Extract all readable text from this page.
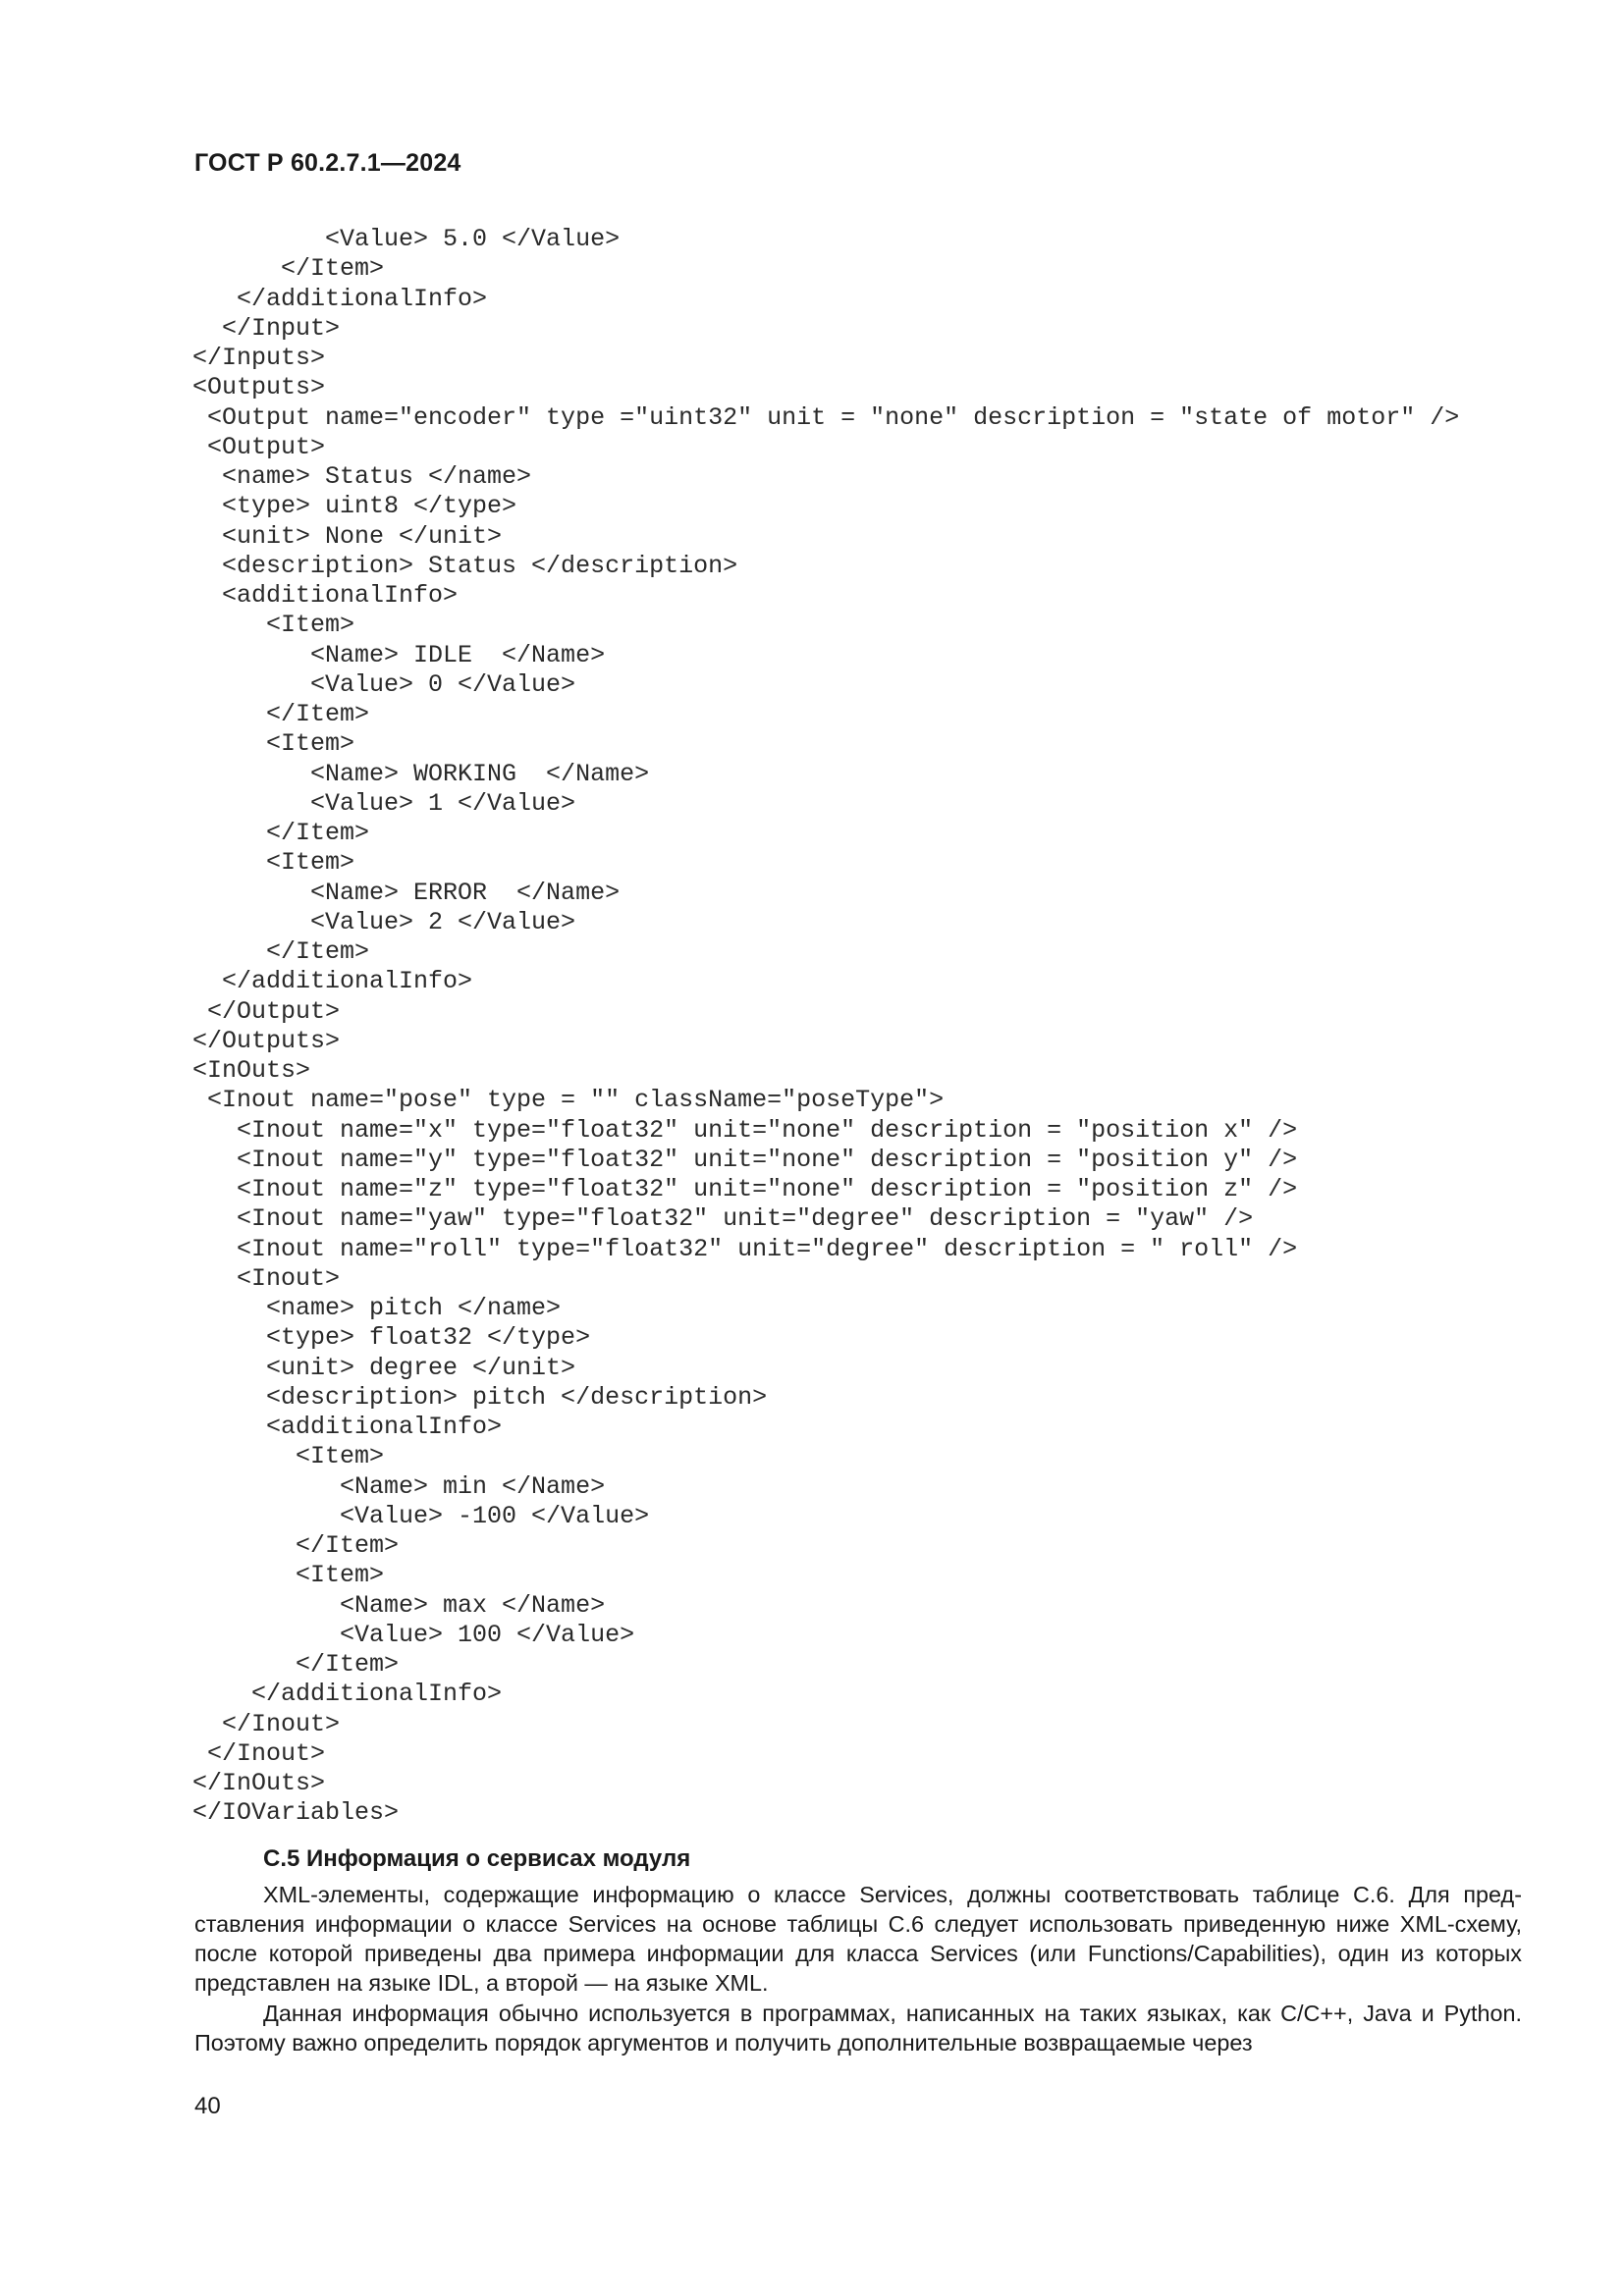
ГОСТ Р 60.2.7.1—2024
<Value> 5.0 </Value>
</Item>
</additionalInfo>
</Input>
</Inputs>
<Outputs>
<Output name="encoder" type ="uint32" unit = "none" description = "state of motor" />
<Output>
<name> Status </name>
<type> uint8 </type>
<unit> None </unit>
<description> Status </description>
<additionalInfo>
<Item>
<Name> IDLE  </Name>
<Value> 0 </Value>
</Item>
<Item>
<Name> WORKING  </Name>
<Value> 1 </Value>
</Item>
<Item>
<Name> ERROR  </Name>
<Value> 2 </Value>
</Item>
</additionalInfo>
</Output>
</Outputs>
<InOuts>
<Inout name="pose" type = "" className="poseType">
<Inout name="x" type="float32" unit="none" description = "position x" />
<Inout name="y" type="float32" unit="none" description = "position y" />
<Inout name="z" type="float32" unit="none" description = "position z" />
<Inout name="yaw" type="float32" unit="degree" description = "yaw" />
<Inout name="roll" type="float32" unit="degree" description = " roll" />
<Inout>
<name> pitch </name>
<type> float32 </type>
<unit> degree </unit>
<description> pitch </description>
<additionalInfo>
<Item>
<Name> min </Name>
<Value> -100 </Value>
</Item>
<Item>
<Name> max </Name>
<Value> 100 </Value>
</Item>
</additionalInfo>
</Inout>
</Inout>
</InOuts>
</IOVariables>
C.5 Информация о сервисах модуля

XML-элементы, содержащие информацию о классе Services, должны соответствовать таблице С.6. Для представления информации о классе Services на основе таблицы С.6 следует использовать приведенную ниже XML-схему, после которой приведены два примера информации для класса Services (или Functions/Capabilities), один из которых представлен на языке IDL, а второй — на языке XML.

Данная информация обычно используется в программах, написанных на таких языках, как С/С++, Java и Python. Поэтому важно определить порядок аргументов и получить дополнительные возвращаемые через

40
